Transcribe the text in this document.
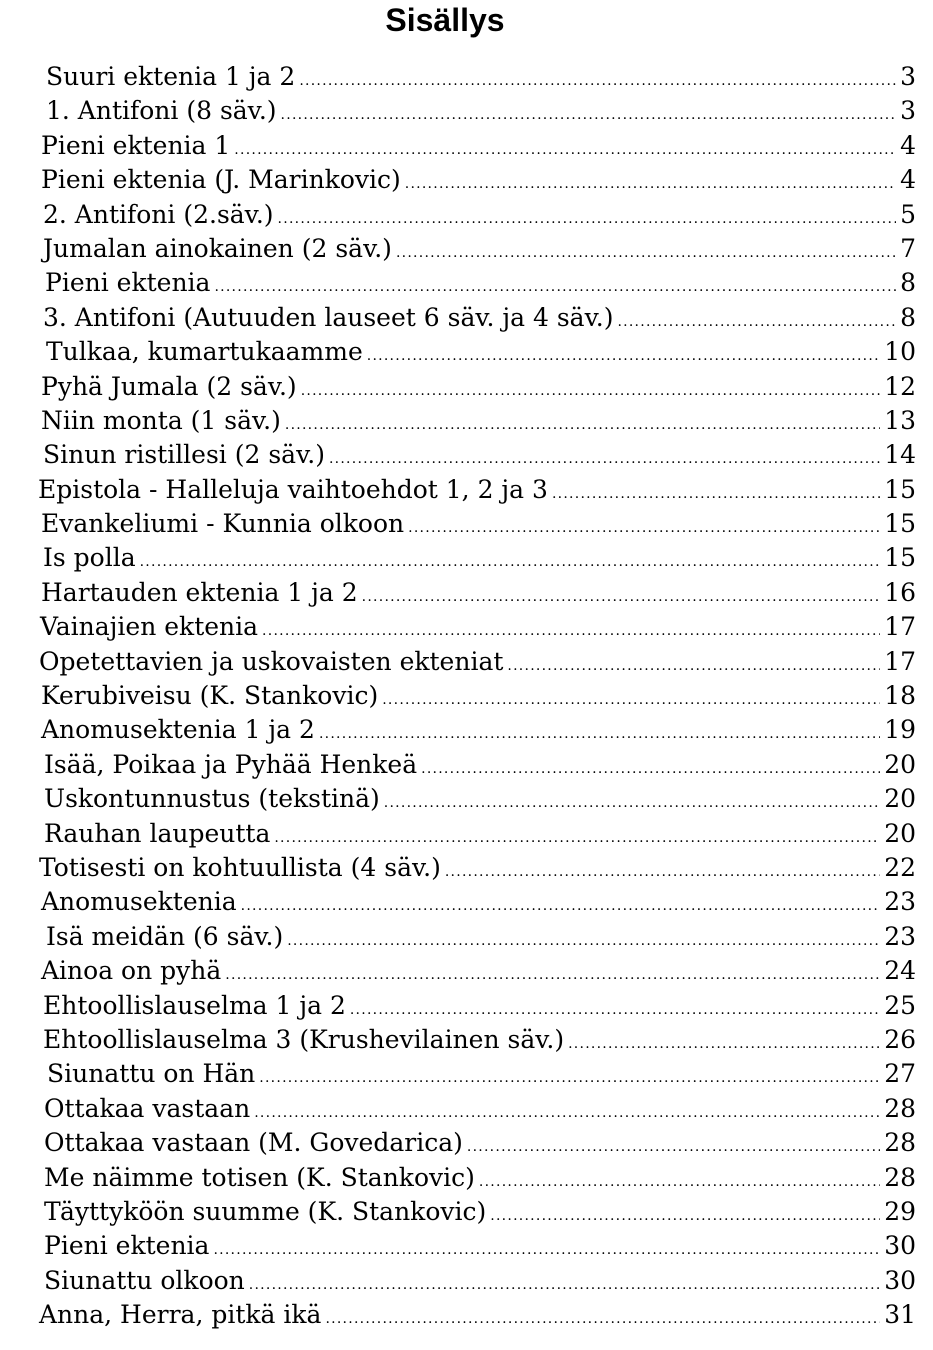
Sisällys
Suuri ektenia 1 ja 2 . . .	3
1. Antifoni (8 säv.) . . .	3
Pieni ektenia 1 . . .	4
Pieni ektenia (J. Marinkovic) . . .	4
2. Antifoni (2.säv.) . . .	5
Jumalan ainokainen (2 säv.) . . .	7
Pieni ektenia . . .	8
3. Antifoni (Autuuden lauseet 6 säv. ja 4 säv.) . . .	8
Tulkaa, kumartukaamme . . .	10
Pyhä Jumala (2 säv.) . . .	12
Niin monta (1 säv.) . . .	13
Sinun ristillesi (2 säv.) . . .	14
Epistola - Halleluja vaihtoehdot 1, 2 ja 3 . . .	15
Evankeliumi - Kunnia olkoon . . .	15
Is polla . . .	15
Hartauden ektenia 1 ja 2 . . .	16
Vainajien ektenia . . .	17
Opetettavien ja uskovaisten ekteniat . . .	17
Kerubiveisu (K. Stankovic) . . .	18
Anomusektenia 1 ja 2 . . .	19
Isää, Poikaa ja Pyhää Henkeä . . .	20
Uskontunnustus (tekstinä) . . .	20
Rauhan laupeutta . . .	20
Totisesti on kohtuullista (4 säv.) . . .	22
Anomusektenia . . .	23
Isä meidän (6 säv.) . . .	23
Ainoa on pyhä . . .	24
Ehtoollislauselma 1 ja 2 . . .	25
Ehtoollislauselma 3 (Krushevilainen säv.) . . .	26
Siunattu on Hän . . .	27
Ottakaa vastaan . . .	28
Ottakaa vastaan (M. Govedarica) . . .	28
Me näimme totisen (K. Stankovic) . . .	28
Täyttyköön suumme (K. Stankovic) . . .	29
Pieni ektenia . . .	30
Siunattu olkoon . . .	30
Anna, Herra, pitkä ikä . . .	31
